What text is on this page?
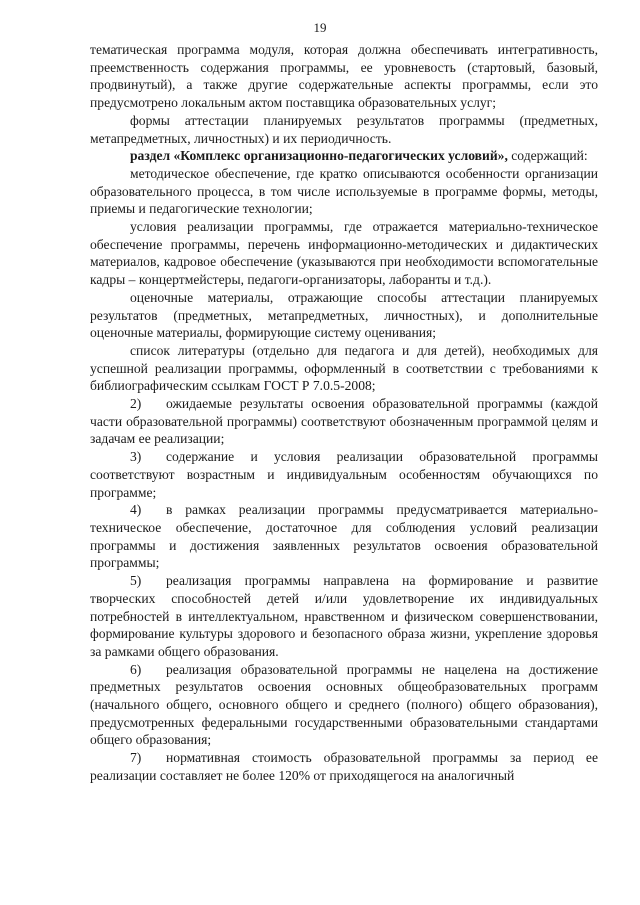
19

тематическая программа модуля, которая должна обеспечивать интегративность, преемственность содержания программы, ее уровневость (стартовый, базовый, продвинутый), а также другие содержательные аспекты программы, если это предусмотрено локальным актом поставщика образовательных услуг;

формы аттестации планируемых результатов программы (предметных, метапредметных, личностных) и их периодичность.

раздел «Комплекс организационно-педагогических условий», содержащий:

методическое обеспечение, где кратко описываются особенности организации образовательного процесса, в том числе используемые в программе формы, методы, приемы и педагогические технологии;

условия реализации программы, где отражается материально-техническое обеспечение программы, перечень информационно-методических и дидактических материалов, кадровое обеспечение (указываются при необходимости вспомогательные кадры – концертмейстеры, педагоги-организаторы, лаборанты и т.д.).

оценочные материалы, отражающие способы аттестации планируемых результатов (предметных, метапредметных, личностных), и дополнительные оценочные материалы, формирующие систему оценивания;

список литературы (отдельно для педагога и для детей), необходимых для успешной реализации программы, оформленный в соответствии с требованиями к библиографическим ссылкам ГОСТ Р 7.0.5-2008;

2) ожидаемые результаты освоения образовательной программы (каждой части образовательной программы) соответствуют обозначенным программой целям и задачам ее реализации;

3) содержание и условия реализации образовательной программы соответствуют возрастным и индивидуальным особенностям обучающихся по программе;

4) в рамках реализации программы предусматривается материально-техническое обеспечение, достаточное для соблюдения условий реализации программы и достижения заявленных результатов освоения образовательной программы;

5) реализация программы направлена на формирование и развитие творческих способностей детей и/или удовлетворение их индивидуальных потребностей в интеллектуальном, нравственном и физическом совершенствовании, формирование культуры здорового и безопасного образа жизни, укрепление здоровья за рамками общего образования.

6) реализация образовательной программы не нацелена на достижение предметных результатов освоения основных общеобразовательных программ (начального общего, основного общего и среднего (полного) общего образования), предусмотренных федеральными государственными образовательными стандартами общего образования;

7) нормативная стоимость образовательной программы за период ее реализации составляет не более 120% от приходящегося на аналогичный
